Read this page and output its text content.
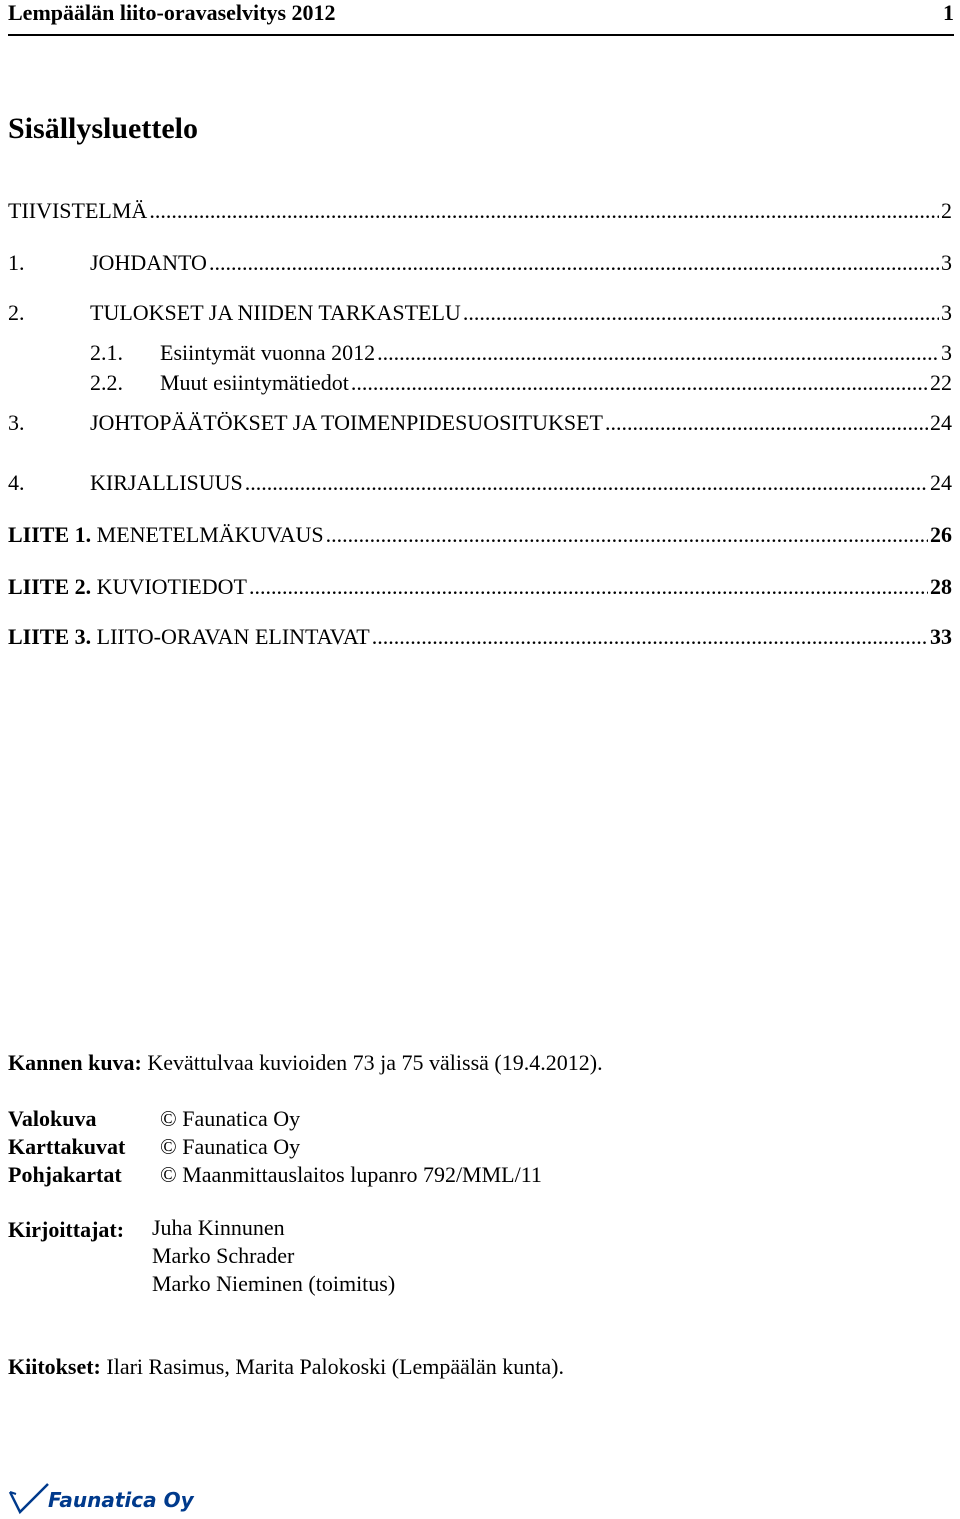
Lempäälän liito-oravaselvitys 2012	1
Sisällysluettelo
TIIVISTELMÄ .....	2
1.	JOHDANTO .....	3
2.	TULOKSET JA NIIDEN TARKASTELU .....	3
2.1.	Esiintymät vuonna 2012 .....	3
2.2.	Muut esiintymätiedot .....	22
3.	JOHTOPÄÄTÖKSET JA TOIMENPIDESUOSITUKSET .....	24
4.	KIRJALLISUUS .....	24
LIITE 1. MENETELMÄKUVAUS .....	26
LIITE 2. KUVIOTIEDOT .....	28
LIITE 3. LIITO-ORAVAN ELINTAVAT .....	33
Kannen kuva: Kevättulvaa kuvioiden 73 ja 75 välissä (19.4.2012).
Valokuva	© Faunatica Oy
Karttakuvat © Faunatica Oy
Pohjakartat © Maanmittauslaitos lupanro 792/MML/11
Kirjoittajat: Juha Kinnunen
Marko Schrader
Marko Nieminen (toimitus)
Kiitokset: Ilari Rasimus, Marita Palokoski (Lempäälän kunta).
Faunatica Oy
